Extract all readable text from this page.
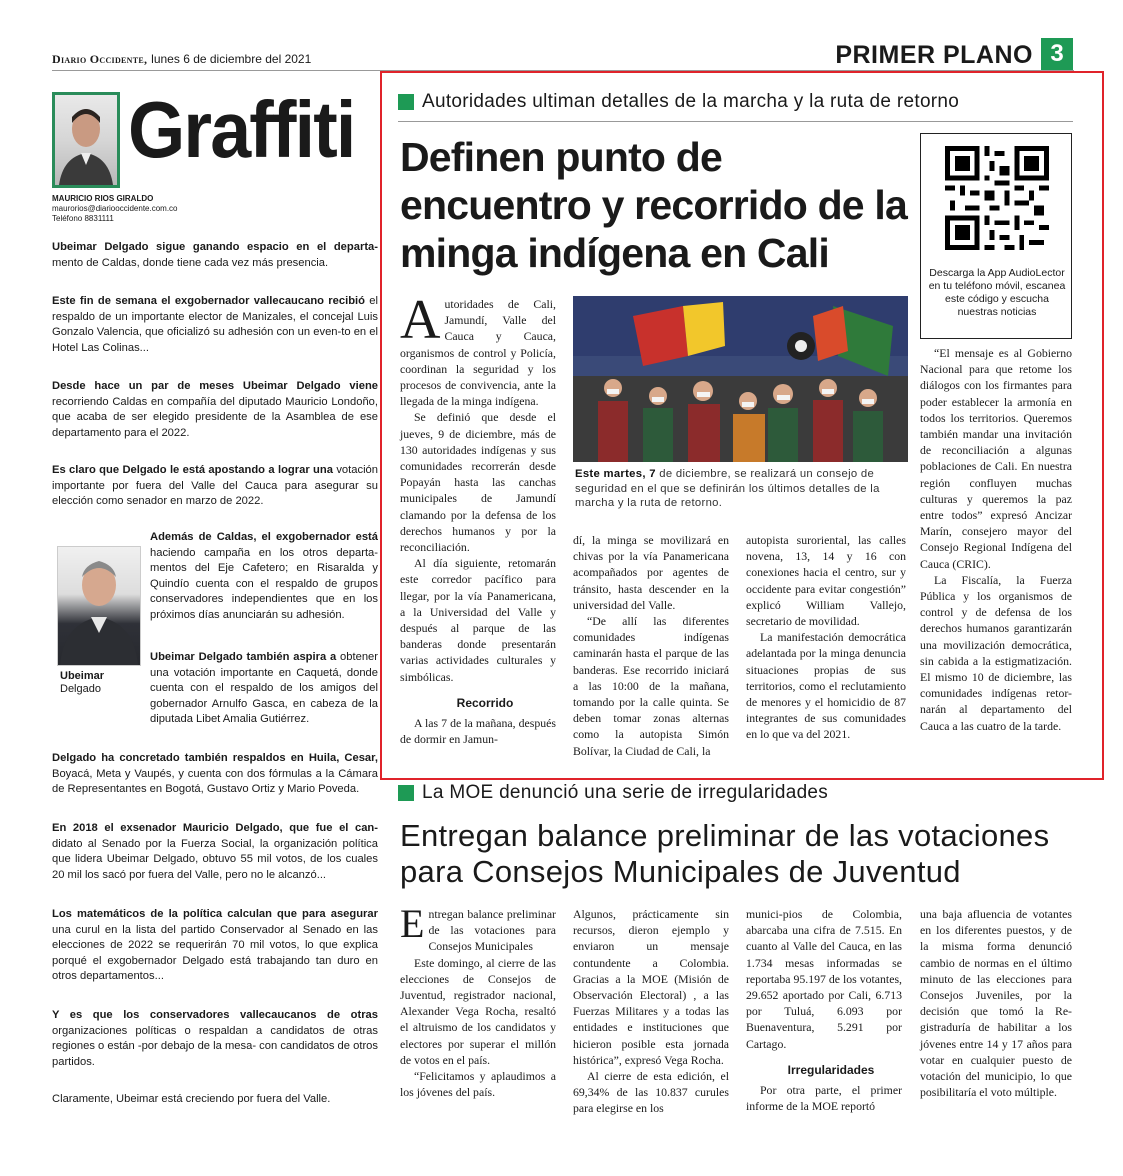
Diario Occidente, lunes 6 de diciembre del 2021	PRIMER PLANO 3
Graffiti
MAURICIO RIOS GIRALDO
maurorios@diariooccidente.com.co
Teléfono 8831111
Ubeimar Delgado sigue ganando espacio en el departa- mento de Caldas, donde tiene cada vez más presencia.
Este fin de semana el exgobernador vallecaucano recibió el respaldo de un importante elector de Manizales, el concejal Luis Gonzalo Valencia, que oficializó su adhesión con un even-to en el Hotel Las Colinas...
Desde hace un par de meses Ubeimar Delgado viene recorriendo Caldas en compañía del diputado Mauricio Londoño, que acaba de ser elegido presidente de la Asamblea de ese departamento para el 2022.
Es claro que Delgado le está apostando a lograr una votación importante por fuera del Valle del Cauca para asegurar su elección como senador en marzo de 2022.
Ubeimar
Delgado
Además de Caldas, el exgobernador está haciendo campaña en los otros departa-mentos del Eje Cafetero; en Risaralda y Quindío cuenta con el respaldo de grupos conservadores independientes que en los próximos días anunciarán su adhesión.
Ubeimar Delgado también aspira a obtener una votación importante en Caquetá, donde cuenta con el respaldo de los amigos del gobernador Arnulfo Gasca, en cabeza de la diputada Libet Amalia Gutiérrez.
Delgado ha concretado también respaldos en Huila, Cesar, Boyacá, Meta y Vaupés, y cuenta con dos fórmulas a la Cámara de Representantes en Bogotá, Gustavo Ortiz y Mario Poveda.
En 2018 el exsenador Mauricio Delgado, que fue el can- didato al Senado por la Fuerza Social, la organización política que lidera Ubeimar Delgado, obtuvo 55 mil votos, de los cuales 20 mil los sacó por fuera del Valle, pero no le alcanzó...
Los matemáticos de la política calculan que para asegurar una curul en la lista del partido Conservador al Senado en las elecciones de 2022 se requerirán 70 mil votos, lo que explica porqué el exgobernador Delgado está trabajando tan duro en otros departamentos...
Y es que los conservadores vallecaucanos de otras organizaciones políticas o respaldan a candidatos de otras regiones o están -por debajo de la mesa- con candidatos de otros partidos.
Claramente, Ubeimar está creciendo por fuera del Valle.
Autoridades ultiman detalles de la marcha y la ruta de retorno
Definen punto de encuentro y recorrido de la minga indígena en Cali	Descarga la App AudioLector en tu teléfono móvil, escanea este código y escucha nuestras noticias

Autoridades de Cali, Jamundí, Valle del Cauca y Cauca, organismos de control y Policía, coordinan la seguridad y los procesos de convivencia, ante la llegada de la minga indígena.

Se definió que desde el jueves, 9 de diciembre, más de 130 autoridades indígenas y sus comunidades recorrerán desde Popayán hasta las canchas municipales de Jamundí clamando por la defensa de los derechos humanos y por la reconciliación.

Al día siguiente, retomarán este corredor pacífico para llegar, por la vía Panamericana, a la Universidad del Valle y después al parque de las banderas donde presentarán varias actividades culturales y simbólicas.

Recorrido

A las 7 de la mañana, después de dormir en Jamun-

Este martes, 7 de diciembre, se realizará un consejo de seguridad en el que se definirán los últimos detalles de la marcha y la ruta de retorno.

dí, la minga se movilizará en chivas por la vía Panamericana acompañados por agentes de tránsito, hasta descender en la universidad del Valle.

“De allí las diferentes comunidades indígenas caminarán hasta el parque de las banderas. Ese recorrido iniciará a las 10:00 de la mañana, tomando por la calle quinta. Se deben tomar zonas alternas como la autopista Simón Bolívar, la Ciudad de Cali, la

autopista suroriental, las calles novena, 13, 14 y 16 con conexiones hacia el centro, sur y occidente para evitar congestión” explicó William Vallejo, secretario de movilidad.

La manifestación democrática adelantada por la minga denuncia situaciones propias de sus territorios, como el reclutamiento de menores y el homicidio de 87 integrantes de sus comunidades en lo que va del 2021.

“El mensaje es al Gobierno Nacional para que retome los diálogos con los firmantes para poder establecer la armonía en todos los territorios. Queremos también mandar una invitación de reconciliación a algunas poblaciones de Cali. En nuestra región confluyen muchas culturas y queremos la paz entre todos” expresó Ancizar Marín, consejero mayor del Consejo Regional Indígena del Cauca (CRIC).

La Fiscalía, la Fuerza Pública y los organismos de control y de defensa de los derechos humanos garantizarán una movilización democrática, sin cabida a la estigmatización. El mismo 10 de diciembre, las comunidades indígenas retor-narán al departamento del Cauca a las cuatro de la tarde.

La MOE denunció una serie de irregularidades
Entregan balance preliminar de las votaciones para Consejos Municipales de Juventud

Entregan balance preliminar de las votaciones para Consejos Municipales

Este domingo, al cierre de las elecciones de Consejos de Juventud, registrador nacional, Alexander Vega Rocha, resaltó el altruismo de los candidatos y electores por superar el millón de votos en el país.

“Felicitamos y aplaudimos a los jóvenes del país.

Algunos, prácticamente sin recursos, dieron ejemplo y enviaron un mensaje contundente a Colombia. Gracias a la MOE (Misión de Observación Electoral) , a las Fuerzas Militares y a todas las entidades e instituciones que hicieron posible esta jornada histórica”, expresó Vega Rocha.

Al cierre de esta edición, el 69,34% de las 10.837 curules para elegirse en los

munici-pios de Colombia, abarcaba una cifra de 7.515. En cuanto al Valle del Cauca, en las 1.734 mesas informadas se reportaba 95.197 de los votantes, 29.652 aportado por Cali, 6.713 por Tuluá, 6.093 por Buenaventura, 5.291 por Cartago.

Irregularidades

Por otra parte, el primer informe de la MOE reportó

una baja afluencia de votantes en los diferentes puestos, y de la misma forma denunció cambio de normas en el último minuto de las elecciones para Consejos Juveniles, por la decisión que tomó la Re-gistraduría de habilitar a los jóvenes entre 14 y 17 años para votar en cualquier puesto de votación del municipio, lo que posibilitaría el voto múltiple.
